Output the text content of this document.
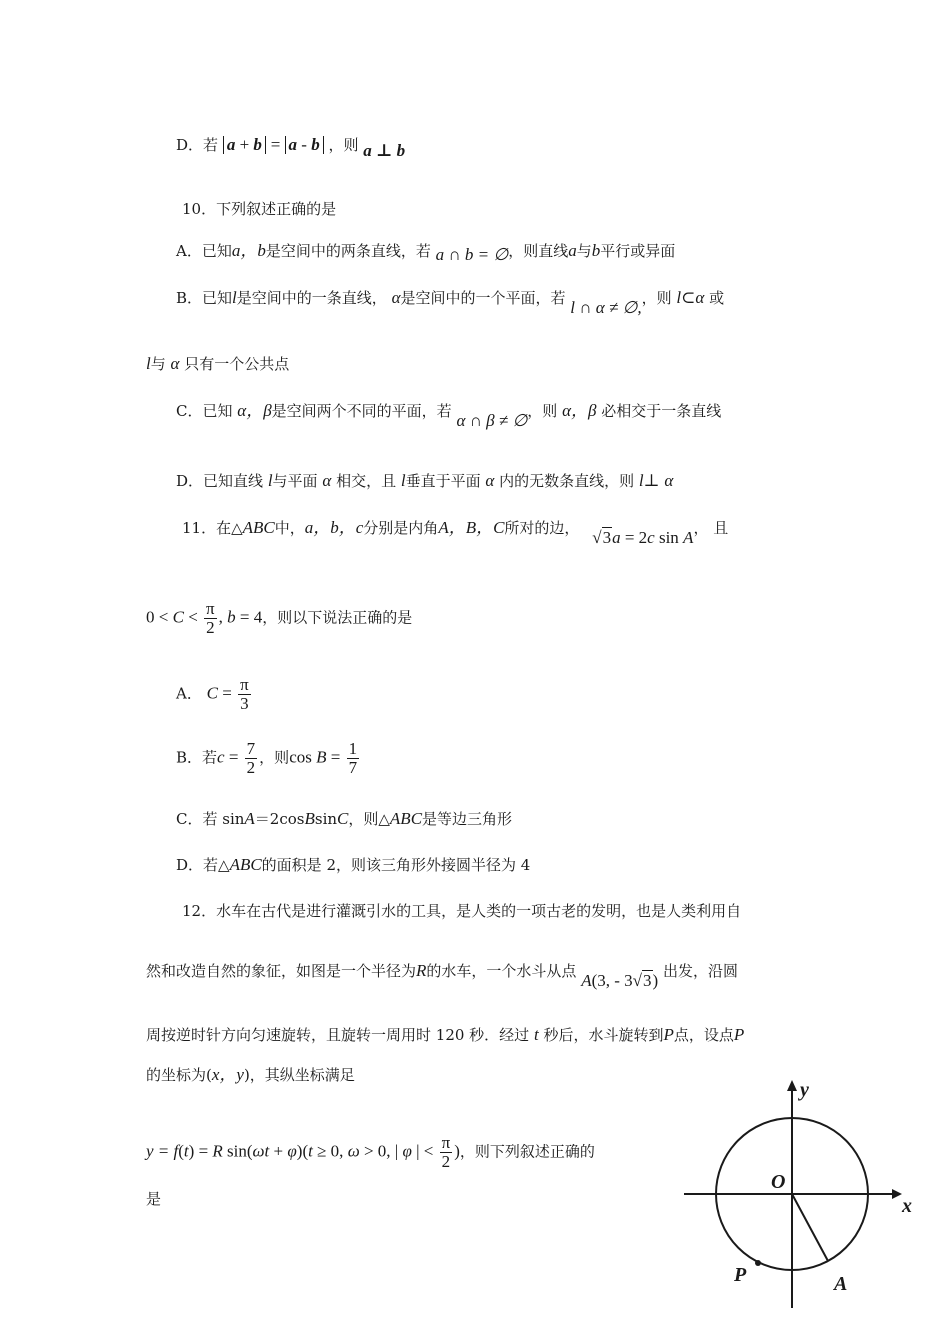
D．若 a + b = a - b ，则 a ⊥ b
10．下列叙述正确的是
A．已知a，b是空间中的两条直线，若 a ∩ b = ∅，则直线a与b平行或异面
B．已知l是空间中的一条直线， α是空间中的一个平面，若 l ∩ α ≠ ∅,，则 l⊂α 或
l与 α 只有一个公共点
C．已知 α，β是空间两个不同的平面，若 α ∩ β ≠ ∅，则 α，β 必相交于一条直线
D．已知直线 l与平面 α 相交，且 l垂直于平面 α 内的无数条直线，则 l⊥ α
11．在△ABC中，a，b，c分别是内角A，B，C所对的边， √3a = 2c sin A， 且
$0 < C < \frac{\pi}{2}$ , b = 4，则以下说法正确的是
A． $C = \frac{\pi}{3}$
B．若$c = \frac{7}{2}$ ，则$\cos B = \frac{1}{7}$
C．若 sinA＝2cosBsinC，则△ABC是等边三角形
D．若△ABC的面积是 2，则该三角形外接圆半径为 4
12．水车在古代是进行灌溉引水的工具，是人类的一项古老的发明，也是人类利用自
然和改造自然的象征，如图是一个半径为R的水车，一个水斗从点 A(3, - 3√3) 出发，沿圆
周按逆时针方向匀速旋转，且旋转一周用时 120 秒．经过 t 秒后，水斗旋转到P点，设点P
的坐标为(x，y)，其纵坐标满足
y = f(t) = R sin(ωt + φ)(t ≥ 0, ω > 0, | φ | < $\frac{\pi}{2}$ )，则下列叙述正确的
是
y
x
O
P	A
